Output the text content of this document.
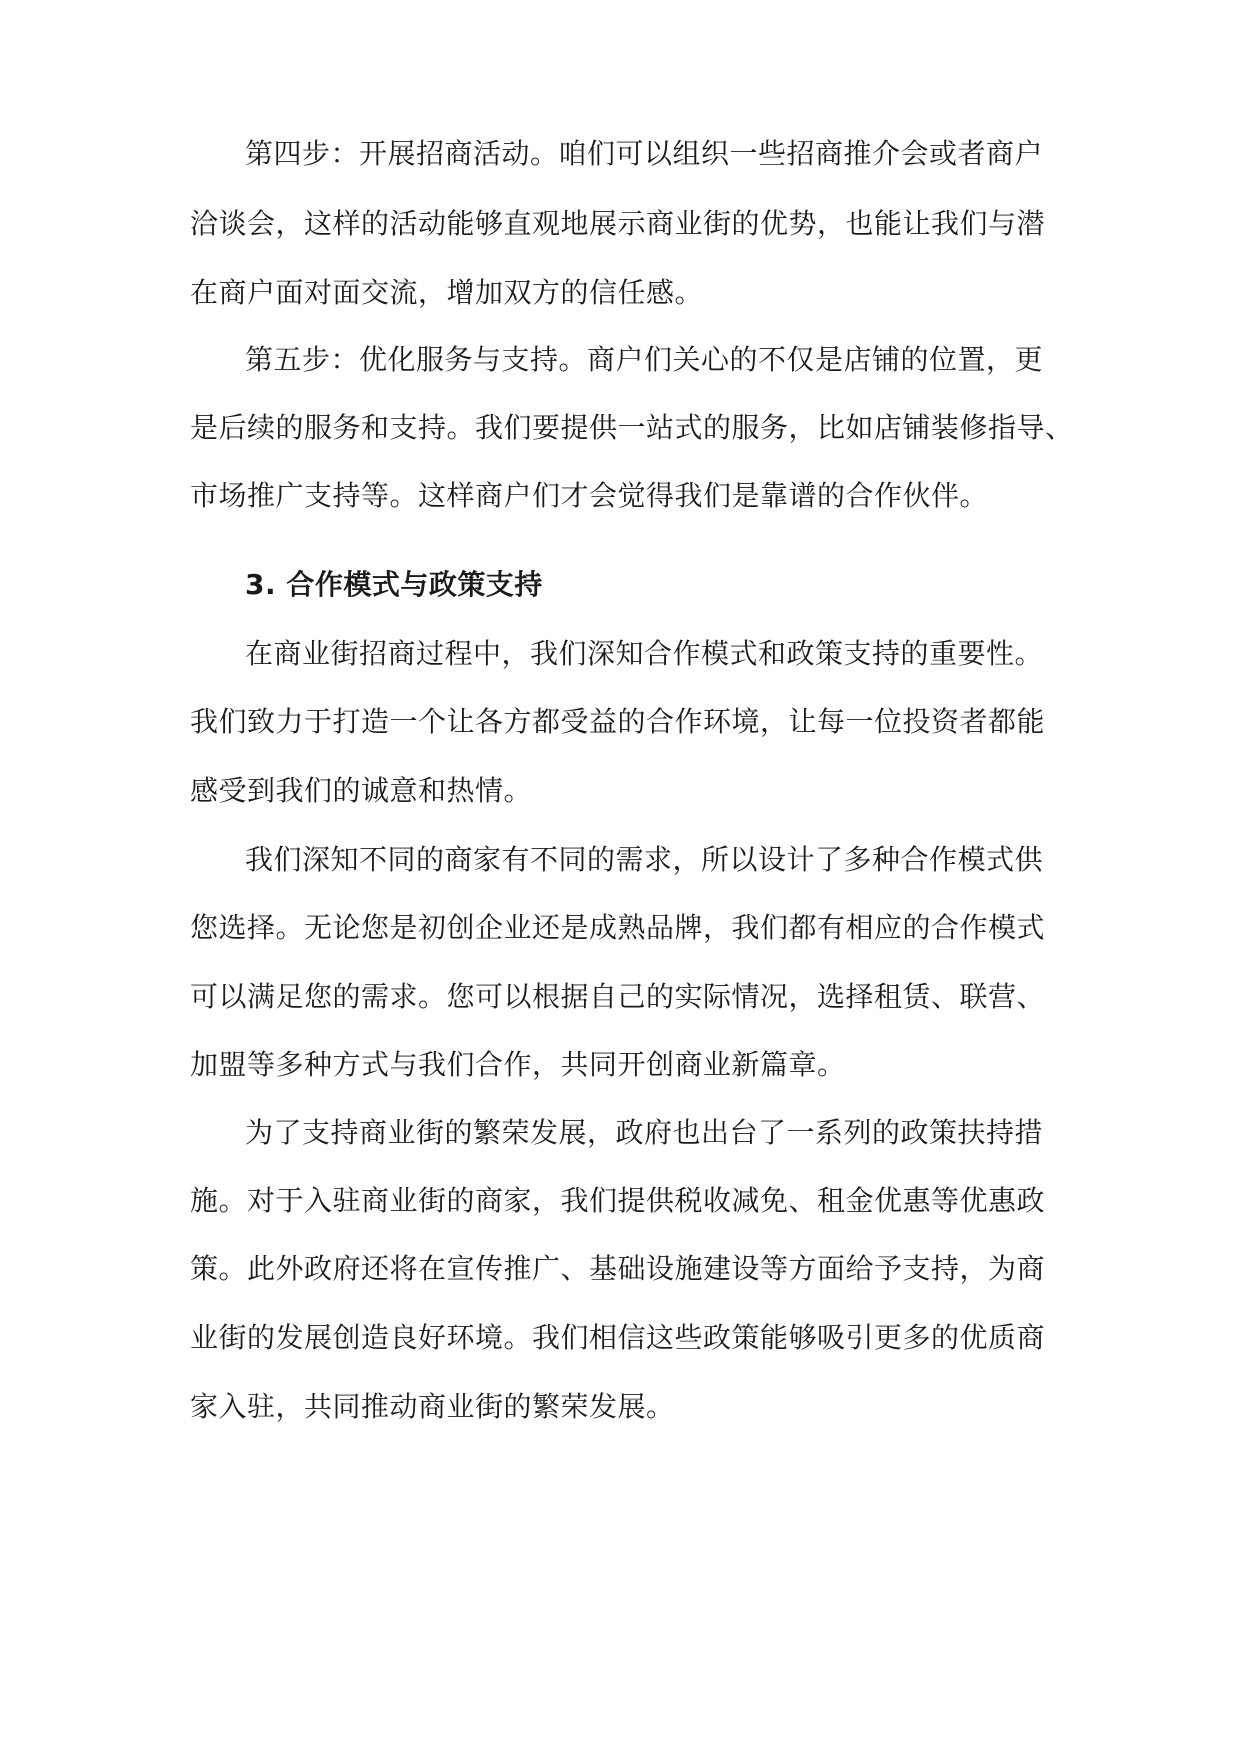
第四步：开展招商活动。咱们可以组织一些招商推介会或者商户
洽谈会，这样的活动能够直观地展示商业街的优势，也能让我们与潜
在商户面对面交流，增加双方的信任感。
第五步：优化服务与支持。商户们关心的不仅是店铺的位置，更
是后续的服务和支持。我们要提供一站式的服务，比如店铺装修指导、
市场推广支持等。这样商户们才会觉得我们是靠谱的合作伙伴。
3. 合作模式与政策支持
在商业街招商过程中，我们深知合作模式和政策支持的重要性。
我们致力于打造一个让各方都受益的合作环境，让每一位投资者都能
感受到我们的诚意和热情。
我们深知不同的商家有不同的需求，所以设计了多种合作模式供
您选择。无论您是初创企业还是成熟品牌，我们都有相应的合作模式
可以满足您的需求。您可以根据自己的实际情况，选择租赁、联营、
加盟等多种方式与我们合作，共同开创商业新篇章。
为了支持商业街的繁荣发展，政府也出台了一系列的政策扶持措
施。对于入驻商业街的商家，我们提供税收减免、租金优惠等优惠政
策。此外政府还将在宣传推广、基础设施建设等方面给予支持，为商
业街的发展创造良好环境。我们相信这些政策能够吸引更多的优质商
家入驻，共同推动商业街的繁荣发展。
